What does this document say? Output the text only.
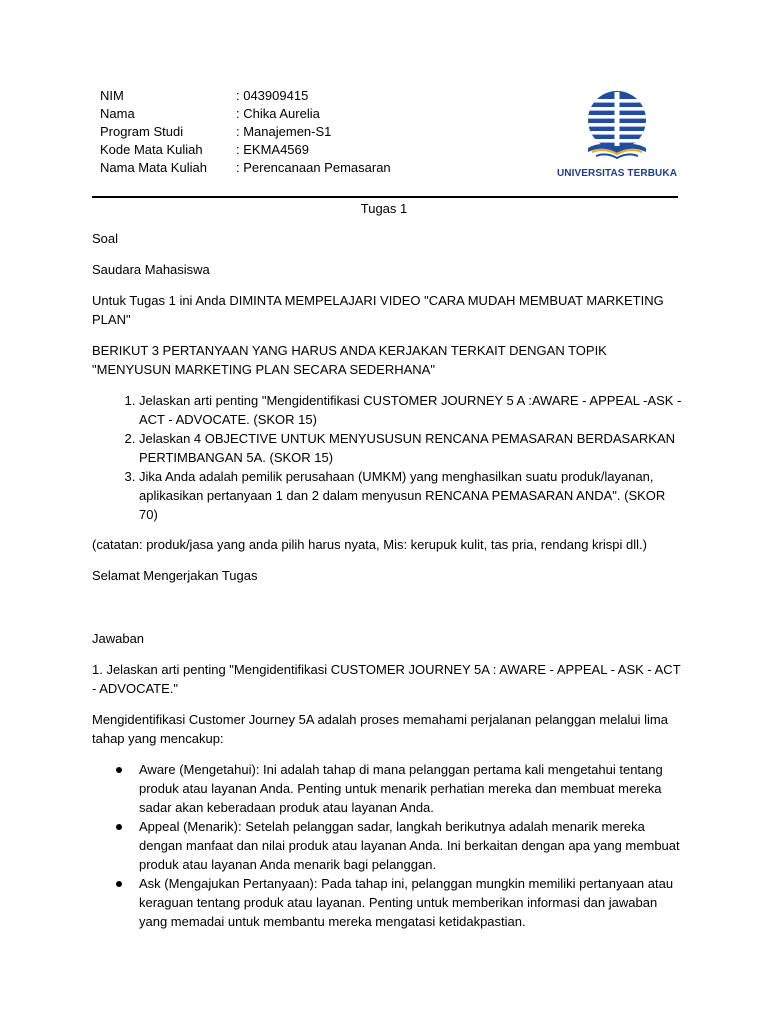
NIM	: 043909415
Nama	: Chika Aurelia
Program Studi	: Manajemen-S1
Kode Mata Kuliah	: EKMA4569
Nama Mata Kuliah	: Perencanaan Pemasaran	UNIVERSITAS TERBUKA
Tugas 1

Soal

Saudara Mahasiswa

Untuk Tugas 1 ini Anda DIMINTA MEMPELAJARI VIDEO "CARA MUDAH MEMBUAT MARKETING PLAN"

BERIKUT 3 PERTANYAAN YANG HARUS ANDA KERJAKAN TERKAIT DENGAN TOPIK "MENYUSUN MARKETING PLAN SECARA SEDERHANA"

1. Jelaskan arti penting "Mengidentifikasi CUSTOMER JOURNEY 5 A :AWARE - APPEAL -ASK - ACT - ADVOCATE. (SKOR 15)
2. Jelaskan 4 OBJECTIVE UNTUK MENYUSUSUN RENCANA PEMASARAN BERDASARKAN PERTIMBANGAN 5A. (SKOR 15)
3. Jika Anda adalah pemilik perusahaan (UMKM) yang menghasilkan suatu produk/layanan, aplikasikan pertanyaan 1 dan 2 dalam menyusun RENCANA PEMASARAN ANDA". (SKOR 70)

(catatan: produk/jasa yang anda pilih harus nyata, Mis: kerupuk kulit, tas pria, rendang krispi dll.)

Selamat Mengerjakan Tugas

Jawaban

1. Jelaskan arti penting "Mengidentifikasi CUSTOMER JOURNEY 5A : AWARE - APPEAL - ASK - ACT - ADVOCATE."

Mengidentifikasi Customer Journey 5A adalah proses memahami perjalanan pelanggan melalui lima tahap yang mencakup:

Aware (Mengetahui): Ini adalah tahap di mana pelanggan pertama kali mengetahui tentang produk atau layanan Anda. Penting untuk menarik perhatian mereka dan membuat mereka sadar akan keberadaan produk atau layanan Anda.
Appeal (Menarik): Setelah pelanggan sadar, langkah berikutnya adalah menarik mereka dengan manfaat dan nilai produk atau layanan Anda. Ini berkaitan dengan apa yang membuat produk atau layanan Anda menarik bagi pelanggan.
Ask (Mengajukan Pertanyaan): Pada tahap ini, pelanggan mungkin memiliki pertanyaan atau keraguan tentang produk atau layanan. Penting untuk memberikan informasi dan jawaban yang memadai untuk membantu mereka mengatasi ketidakpastian.
